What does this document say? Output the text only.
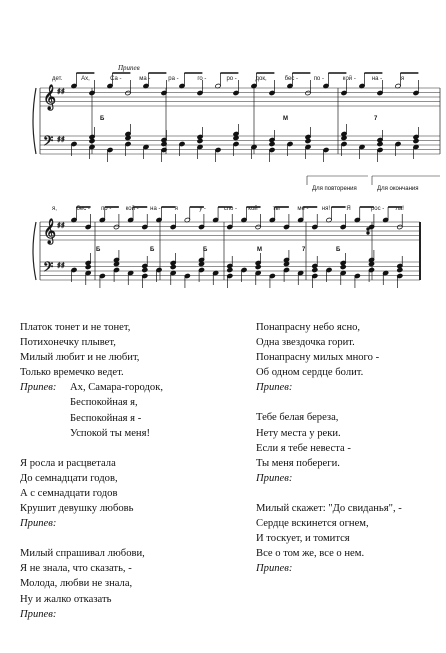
𝄞 ♯♯
𝄢 ♯♯
𝄞 ♯♯
𝄢 ♯♯
Припев
дет.	Ах,	Са -	ма -	ра -	го -	ро -	док,	бес -	по -	кой -	на -	я
я,	бес - по - кой - на - я	у -	спо - кой	ты	ме - ня!	Я	рос - ла!
Б	М	7
Б	Б	Б	М	7	Б
Для повторения	Для окончания
Платок тонет и не тонет,
Потихонечку плывет,
Милый любит и не любит,
Только времечко ведет.
Припев:	Ах, Самара-городок,
Беспокойная я,
Беспокойная я -
Успокой ты меня!
Я росла и расцветала
До семнадцати годов,
А с семнадцати годов
Крушит девушку любовь
Припев:
Милый спрашивал любови,
Я не знала, что сказать, -
Молода, любви не знала,
Ну и жалко отказать
Припев:
Понапрасну небо ясно,
Одна звездочка горит.
Понапрасну милых много -
Об одном сердце болит.
Припев:
Тебе белая береза,
Нету места у реки.
Если я тебе невеста -
Ты меня побереги.
Припев:
Милый скажет: "До свиданья", -
Сердце вскинется огнем,
И тоскует, и томится
Все о том же, все о нем.
Припев:
